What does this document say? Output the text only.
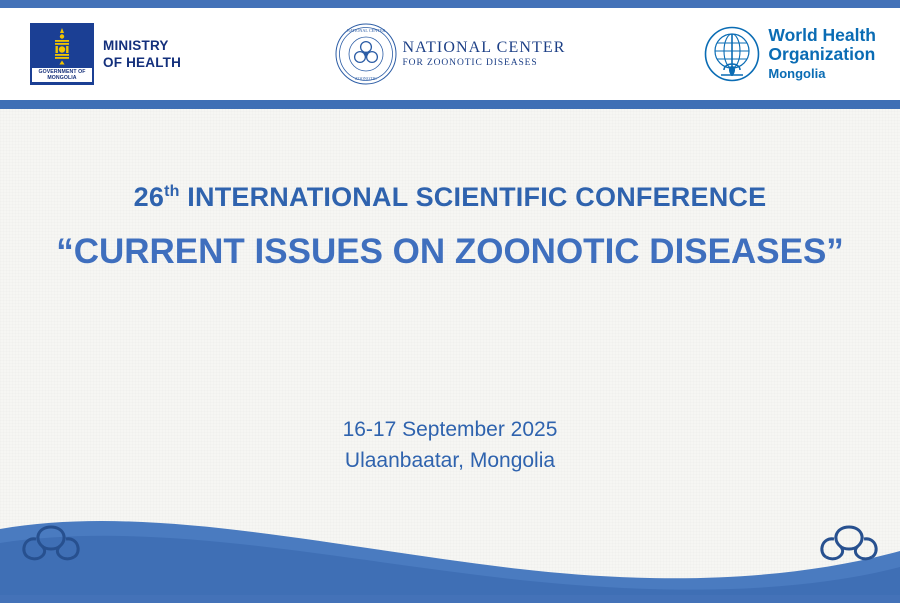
GOVERNMENT OF MONGOLIA
MINISTRY
OF HEALTH
NATIONAL CENTER
ZOONOTIC
NATIONAL CENTER
FOR ZOONOTIC DISEASES
World Health
Organization
Mongolia
26th INTERNATIONAL SCIENTIFIC CONFERENCE
“CURRENT ISSUES ON ZOONOTIC DISEASES”
16-17 September 2025
Ulaanbaatar, Mongolia
